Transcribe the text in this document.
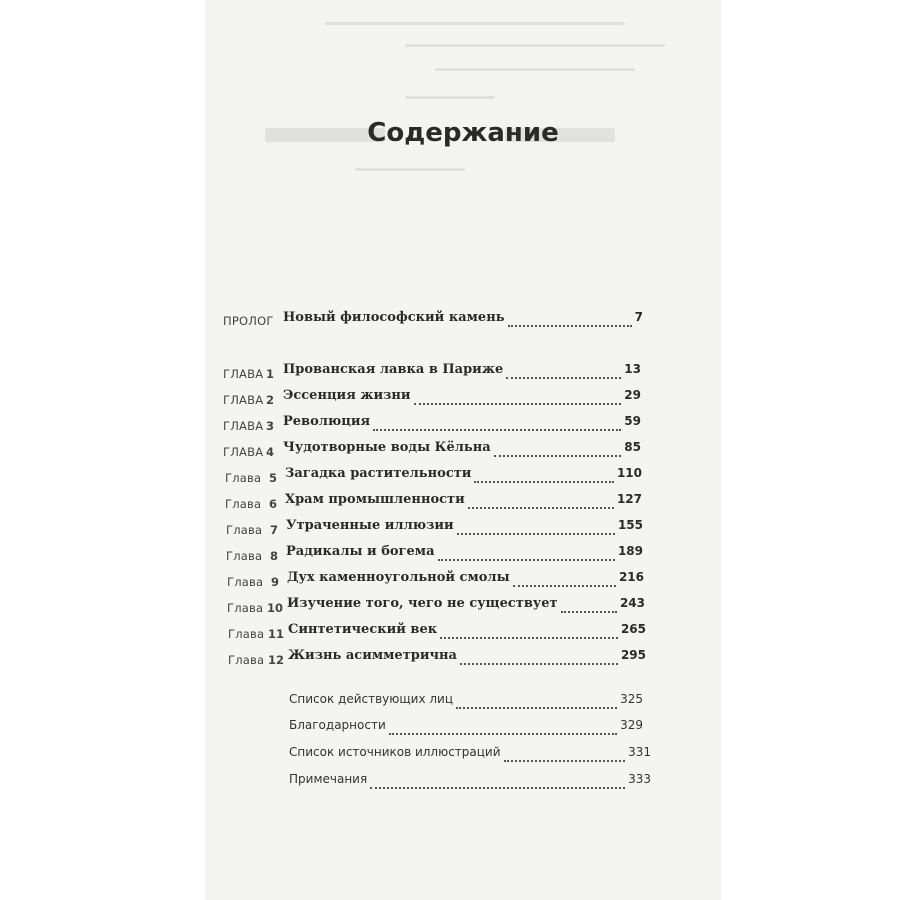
Содержание
ПРОЛОГ Новый философский камень	7
ГЛАВА 1 Прованская лавка в Париже	13
ГЛАВА 2 Эссенция жизни	29
ГЛАВА 3 Революция	59
ГЛАВА 4 Чудотворные воды Кёльна	85
Глава 5 Загадка растительности	110
Глава 6 Храм промышленности	127
Глава 7 Утраченные иллюзии	155
Глава 8 Радикалы и богема	189
Глава 9 Дух каменноугольной смолы	216
Глава 10 Изучение того, чего не существует	243
Глава 11 Синтетический век	265
Глава 12 Жизнь асимметрична	295
Список действующих лиц	325
Благодарности	329
Список источников иллюстраций	331
Примечания	333
